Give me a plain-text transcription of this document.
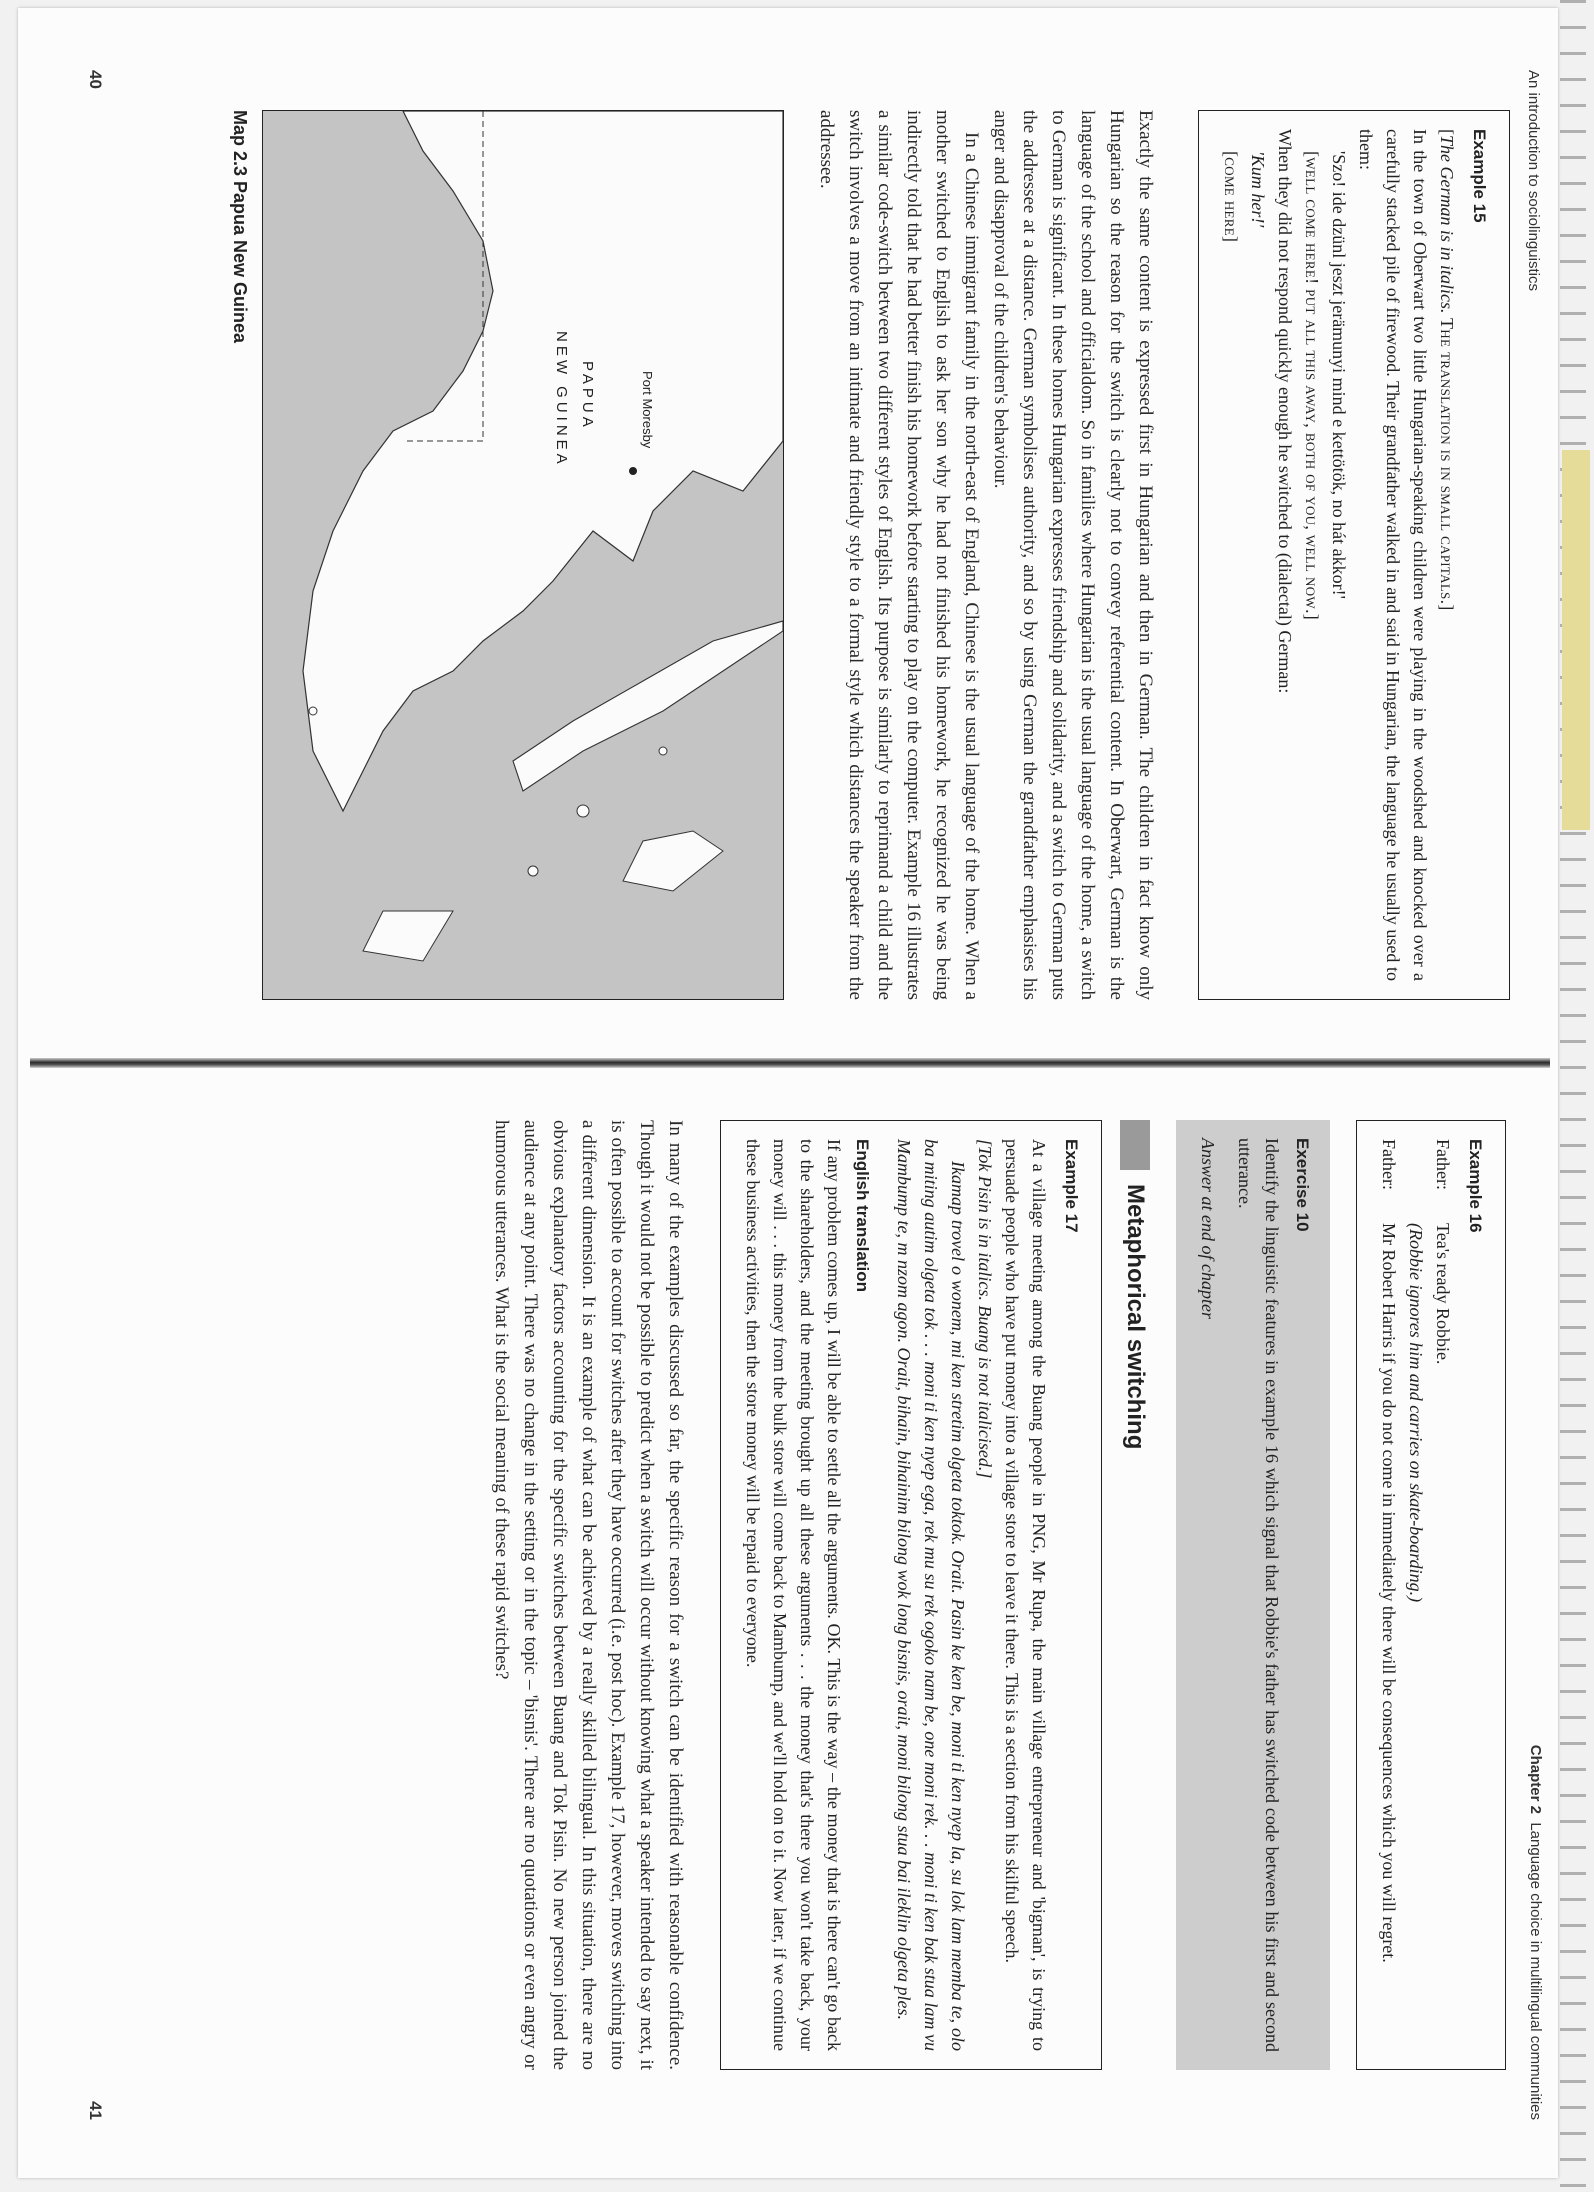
An introduction to sociolinguistics
40
Example 15

[The German is in italics. The translation is in small capitals.]

In the town of Oberwart two little Hungarian-speaking children were playing in the woodshed and knocked over a carefully stacked pile of firewood. Their grandfather walked in and said in Hungarian, the language he usually used to them:

'Szo! ide dzünl jeszt jerämunyi mind e kettötök, no hát akkor!'

[well come here! put all this away, both of you, well now.]

When they did not respond quickly enough he switched to (dialectal) German:

'Kum her!'

[come here]

Exactly the same content is expressed first in Hungarian and then in German. The children in fact know only Hungarian so the reason for the switch is clearly not to convey referential content. In Oberwart, German is the language of the school and officialdom. So in families where Hungarian is the usual language of the home, a switch to German is significant. In these homes Hungarian expresses friendship and solidarity, and a switch to German puts the addressee at a distance. German symbolises authority, and so by using German the grandfather emphasises his anger and disapproval of the children's behaviour.

In a Chinese immigrant family in the north-east of England, Chinese is the usual language of the home. When a mother switched to English to ask her son why he had not finished his homework, he recognized he was being indirectly told that he had better finish his homework before starting to play on the computer. Example 16 illustrates a similar code-switch between two different styles of English. Its purpose is similarly to reprimand a child and the switch involves a move from an intimate and friendly style to a formal style which distances the speaker from the addressee.

PAPUA
NEW GUINEA	Port Moresby
Map 2.3 Papua New Guinea
Chapter 2  Language choice in multilingual communities
41
Example 16
Father:
Tea's ready Robbie.
(Robbie ignores him and carries on skate-boarding.)
Father:
Mr Robert Harris if you do not come in immediately there will be consequences which you will regret.
Exercise 10

Identify the linguistic features in example 16 which signal that Robbie's father has switched code between his first and second utterance.

Answer at end of chapter

Metaphorical switching
Example 17

At a village meeting among the Buang people in PNG, Mr Rupa, the main village entrepreneur and 'bigman', is trying to persuade people who have put money into a village store to leave it there. This is a section from his skilful speech.

[Tok Pisin is in italics. Buang is not italicised.]

Ikamap trovel o wonem, mi ken stretim olgeta toktok. Orait. Pasin ke ken be, moni ti ken nyep la, su lok lam memba te, olo ba miting autim olgeta tok . . . moni ti ken nyep ega, rek mu su rek ogoko nam be, one moni rek. . . moni ti ken bak stua lam vu Mambump te, m nzom agon. Orait, bihain, bihainim bilong wok long bisnis, orait, moni bilong stua bai ileklin olgeta ples.

English translation

If any problem comes up, I will be able to settle all the arguments. OK. This is the way – the money that is there can't go back to the shareholders, and the meeting brought up all these arguments . . . the money that's there you won't take back, your money will . . . this money from the bulk store will come back to Mambump, and we'll hold on to it. Now later, if we continue these business activities, then the store money will be repaid to everyone.

In many of the examples discussed so far, the specific reason for a switch can be identified with reasonable confidence. Though it would not be possible to predict when a switch will occur without knowing what a speaker intended to say next, it is often possible to account for switches after they have occurred (i.e. post hoc). Example 17, however, moves switching into a different dimension. It is an example of what can be achieved by a really skilled bilingual. In this situation, there are no obvious explanatory factors accounting for the specific switches between Buang and Tok Pisin. No new person joined the audience at any point. There was no change in the setting or in the topic – 'bisnis'. There are no quotations or even angry or humorous utterances. What is the social meaning of these rapid switches?
